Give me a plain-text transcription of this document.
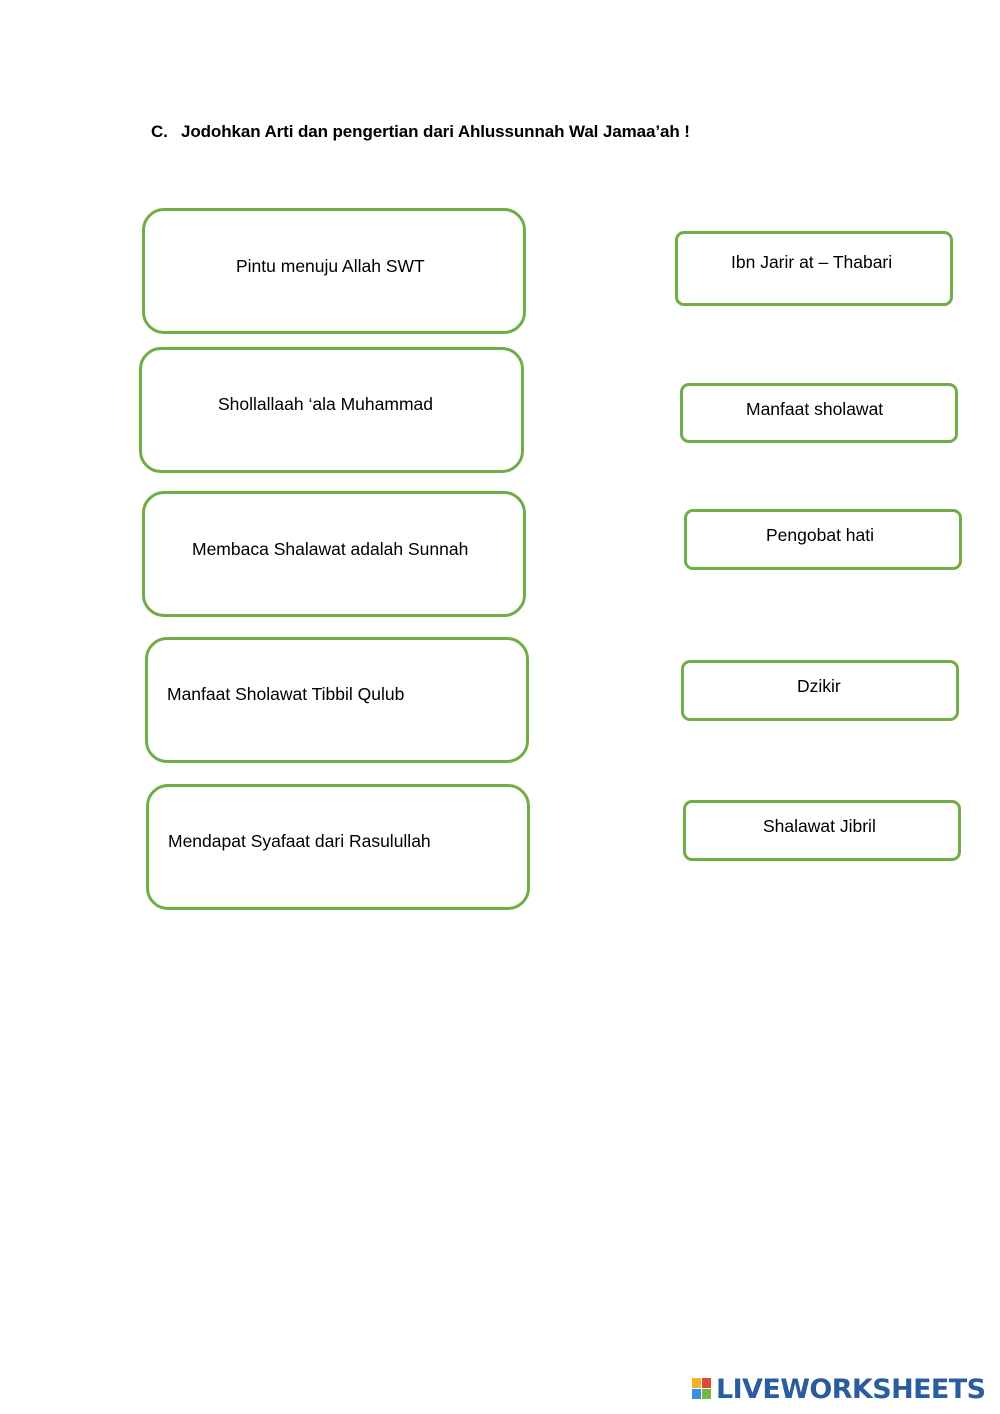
C. Jodohkan Arti dan pengertian dari Ahlussunnah Wal Jamaa’ah !
Pintu menuju Allah SWT
Shollallaah ‘ala Muhammad
Membaca Shalawat adalah Sunnah
Manfaat Sholawat Tibbil Qulub
Mendapat Syafaat dari Rasulullah
Ibn Jarir at – Thabari
Manfaat sholawat
Pengobat hati
Dzikir
Shalawat Jibril
LIVEWORKSHEETS
